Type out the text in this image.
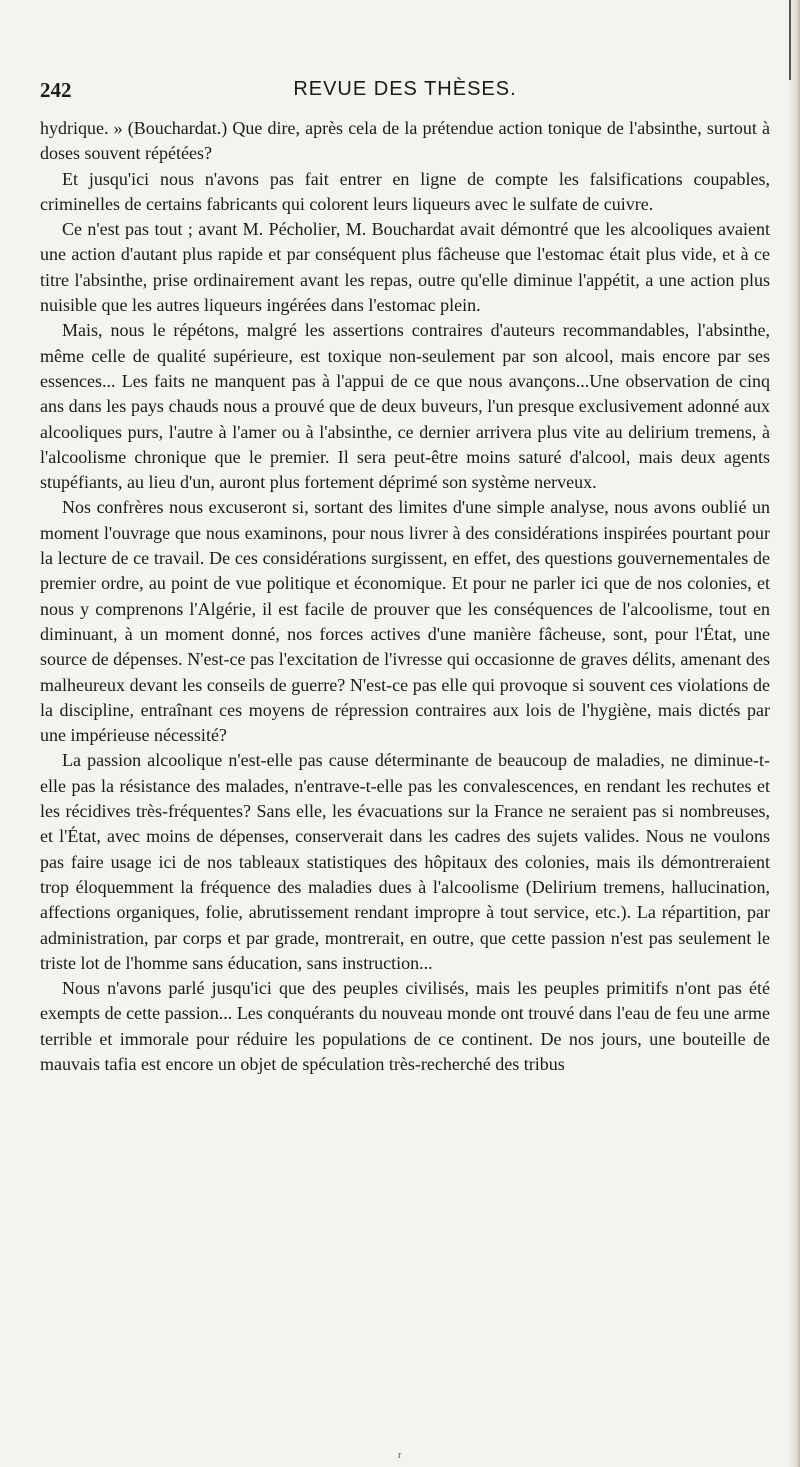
242	REVUE DES THÈSES.

hydrique. » (Bouchardat.) Que dire, après cela de la prétendue action tonique de l'absinthe, surtout à doses souvent répétées?

Et jusqu'ici nous n'avons pas fait entrer en ligne de compte les falsifications coupables, criminelles de certains fabricants qui colorent leurs liqueurs avec le sulfate de cuivre.

Ce n'est pas tout ; avant M. Pécholier, M. Bouchardat avait démontré que les alcooliques avaient une action d'autant plus rapide et par conséquent plus fâcheuse que l'estomac était plus vide, et à ce titre l'absinthe, prise ordinairement avant les repas, outre qu'elle diminue l'appétit, a une action plus nuisible que les autres liqueurs ingérées dans l'estomac plein.

Mais, nous le répétons, malgré les assertions contraires d'auteurs recommandables, l'absinthe, même celle de qualité supérieure, est toxique non-seulement par son alcool, mais encore par ses essences... Les faits ne manquent pas à l'appui de ce que nous avançons...Une observation de cinq ans dans les pays chauds nous a prouvé que de deux buveurs, l'un presque exclusivement adonné aux alcooliques purs, l'autre à l'amer ou à l'absinthe, ce dernier arrivera plus vite au delirium tremens, à l'alcoolisme chronique que le premier. Il sera peut-être moins saturé d'alcool, mais deux agents stupéfiants, au lieu d'un, auront plus fortement déprimé son système nerveux.

Nos confrères nous excuseront si, sortant des limites d'une simple analyse, nous avons oublié un moment l'ouvrage que nous examinons, pour nous livrer à des considérations inspirées pourtant pour la lecture de ce travail. De ces considérations surgissent, en effet, des questions gouvernementales de premier ordre, au point de vue politique et économique. Et pour ne parler ici que de nos colonies, et nous y comprenons l'Algérie, il est facile de prouver que les conséquences de l'alcoolisme, tout en diminuant, à un moment donné, nos forces actives d'une manière fâcheuse, sont, pour l'État, une source de dépenses. N'est-ce pas l'excitation de l'ivresse qui occasionne de graves délits, amenant des malheureux devant les conseils de guerre? N'est-ce pas elle qui provoque si souvent ces violations de la discipline, entraînant ces moyens de répression contraires aux lois de l'hygiène, mais dictés par une impérieuse nécessité?

La passion alcoolique n'est-elle pas cause déterminante de beaucoup de maladies, ne diminue-t-elle pas la résistance des malades, n'entrave-t-elle pas les convalescences, en rendant les rechutes et les récidives très-fréquentes? Sans elle, les évacuations sur la France ne seraient pas si nombreuses, et l'État, avec moins de dépenses, conserverait dans les cadres des sujets valides. Nous ne voulons pas faire usage ici de nos tableaux statistiques des hôpitaux des colonies, mais ils démontreraient trop éloquemment la fréquence des maladies dues à l'alcoolisme (Delirium tremens, hallucination, affections organiques, folie, abrutissement rendant impropre à tout service, etc.). La répartition, par administration, par corps et par grade, montrerait, en outre, que cette passion n'est pas seulement le triste lot de l'homme sans éducation, sans instruction...

Nous n'avons parlé jusqu'ici que des peuples civilisés, mais les peuples primitifs n'ont pas été exempts de cette passion... Les conquérants du nouveau monde ont trouvé dans l'eau de feu une arme terrible et immorale pour réduire les populations de ce continent. De nos jours, une bouteille de mauvais tafia est encore un objet de spéculation très-recherché des tribus

r
